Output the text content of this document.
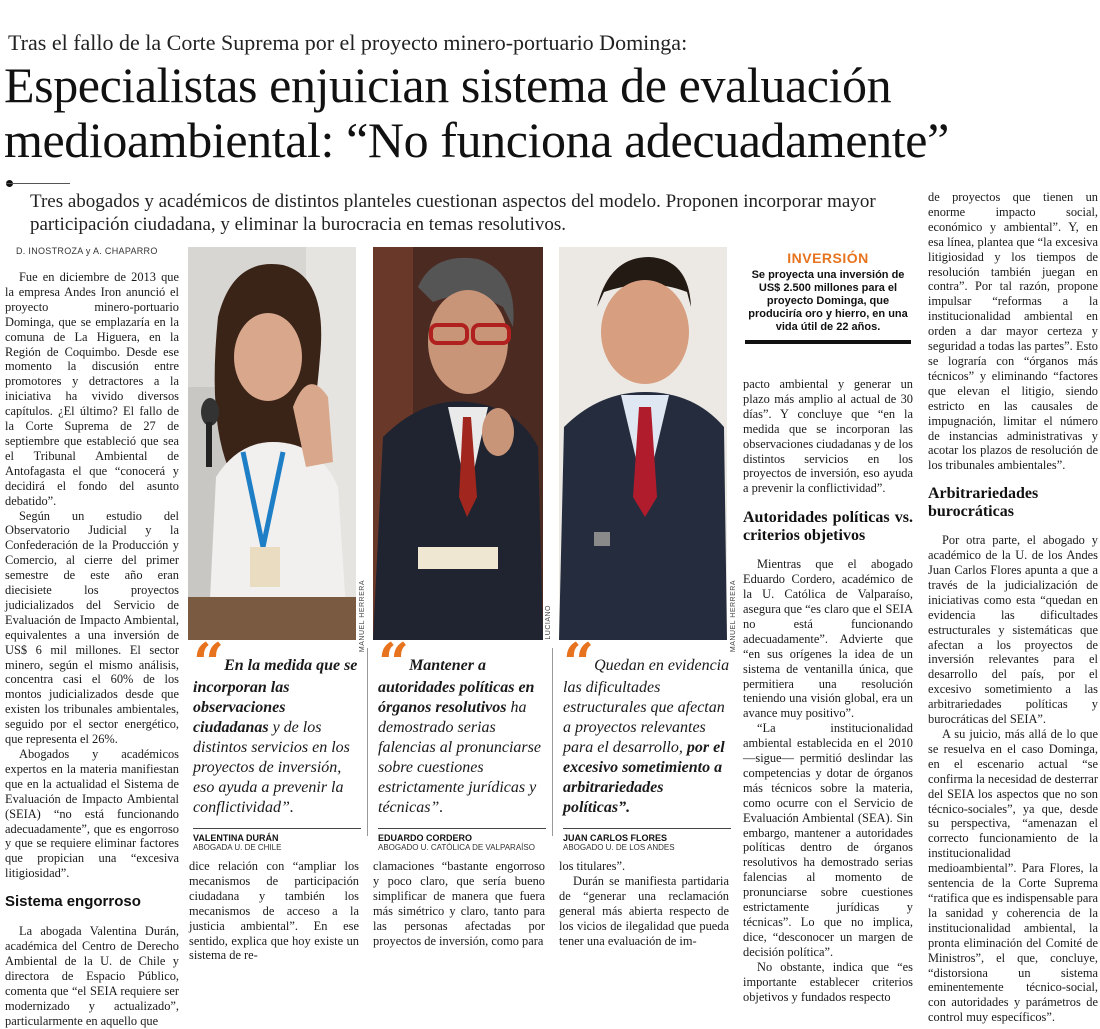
Tras el fallo de la Corte Suprema por el proyecto minero-portuario Dominga:
Especialistas enjuician sistema de evaluación medioambiental: “No funciona adecuadamente”
Tres abogados y académicos de distintos planteles cuestionan aspectos del modelo. Proponen incorporar mayor participación ciudadana, y eliminar la burocracia en temas resolutivos.
D. INOSTROZA y A. CHAPARRO

Fue en diciembre de 2013 que la empresa Andes Iron anunció el proyecto minero-portuario Dominga, que se emplazaría en la comuna de La Higuera, en la Región de Coquimbo. Desde ese momento la discusión entre promotores y detractores a la iniciativa ha vivido diversos capítulos. ¿El último? El fallo de la Corte Suprema de 27 de septiembre que estableció que sea el Tribunal Ambiental de Antofagasta el que “conocerá y decidirá el fondo del asunto debatido”.

Según un estudio del Observatorio Judicial y la Confederación de la Producción y Comercio, al cierre del primer semestre de este año eran diecisiete los proyectos judicializados del Servicio de Evaluación de Impacto Ambiental, equivalentes a una inversión de US$ 6 mil millones. El sector minero, según el mismo análisis, concentra casi el 60% de los montos judicializados desde que existen los tribunales ambientales, seguido por el sector energético, que representa el 26%.

Abogados y académicos expertos en la materia manifiestan que en la actualidad el Sistema de Evaluación de Impacto Ambiental (SEIA) “no está funcionando adecuadamente”, que es engorroso y que se requiere eliminar factores que propician una “excesiva litigiosidad”.

Sistema engorroso

La abogada Valentina Durán, académica del Centro de Derecho Ambiental de la U. de Chile y directora de Espacio Público, comenta que “el SEIA requiere ser modernizado y actualizado”, particularmente en aquello que

MANUEL HERRERA	LUCIANO	MANUEL HERRERA
“ En la medida que se incorporan las observaciones ciudadanas y de los distintos servicios en los proyectos de inversión, eso ayuda a prevenir la conflictividad”.
VALENTINA DURÁN
ABOGADA U. DE CHILE
“ Mantener a autoridades políticas en órganos resolutivos ha demostrado serias falencias al pronunciarse sobre cuestiones estrictamente jurídicas y técnicas”.
EDUARDO CORDERO
ABOGADO U. CATÓLICA DE VALPARAÍSO
“ Quedan en evidencia las dificultades estructurales que afectan a proyectos relevantes para el desarrollo, por el excesivo sometimiento a arbitrariedades políticas”.
JUAN CARLOS FLORES
ABOGADO U. DE LOS ANDES

dice relación con “ampliar los mecanismos de participación ciudadana y también los mecanismos de acceso a la justicia ambiental”. En ese sentido, explica que hoy existe un sistema de re-

clamaciones “bastante engorroso y poco claro, que sería bueno simplificar de manera que fuera más simétrico y claro, tanto para las personas afectadas por proyectos de inversión, como para

los titulares”.

Durán se manifiesta partidaria de “generar una reclamación general más abierta respecto de los vicios de ilegalidad que pueda tener una evaluación de im-

INVERSIÓN
Se proyecta una inversión de US$ 2.500 millones para el proyecto Dominga, que produciría oro y hierro, en una vida útil de 22 años.

pacto ambiental y generar un plazo más amplio al actual de 30 días”. Y concluye que “en la medida que se incorporan las observaciones ciudadanas y de los distintos servicios en los proyectos de inversión, eso ayuda a prevenir la conflictividad”.

Autoridades políticas vs. criterios objetivos

Mientras que el abogado Eduardo Cordero, académico de la U. Católica de Valparaíso, asegura que “es claro que el SEIA no está funcionando adecuadamente”. Advierte que “en sus orígenes la idea de un sistema de ventanilla única, que permitiera una resolución teniendo una visión global, era un avance muy positivo”.

“La institucionalidad ambiental establecida en el 2010 —sigue— permitió deslindar las competencias y dotar de órganos más técnicos sobre la materia, como ocurre con el Servicio de Evaluación Ambiental (SEA). Sin embargo, mantener a autoridades políticas dentro de órganos resolutivos ha demostrado serias falencias al momento de pronunciarse sobre cuestiones estrictamente jurídicas y técnicas”. Lo que no implica, dice, “desconocer un margen de decisión política”.

No obstante, indica que “es importante establecer criterios objetivos y fundados respecto

de proyectos que tienen un enorme impacto social, económico y ambiental”. Y, en esa línea, plantea que “la excesiva litigiosidad y los tiempos de resolución también juegan en contra”. Por tal razón, propone impulsar “reformas a la institucionalidad ambiental en orden a dar mayor certeza y seguridad a todas las partes”. Esto se lograría con “órganos más técnicos” y eliminando “factores que elevan el litigio, siendo estricto en las causales de impugnación, limitar el número de instancias administrativas y acotar los plazos de resolución de los tribunales ambientales”.

Arbitrariedades burocráticas

Por otra parte, el abogado y académico de la U. de los Andes Juan Carlos Flores apunta a que a través de la judicialización de iniciativas como esta “quedan en evidencia las dificultades estructurales y sistemáticas que afectan a los proyectos de inversión relevantes para el desarrollo del país, por el excesivo sometimiento a las arbitrariedades políticas y burocráticas del SEIA”.

A su juicio, más allá de lo que se resuelva en el caso Dominga, en el escenario actual “se confirma la necesidad de desterrar del SEIA los aspectos que no son técnico-sociales”, ya que, desde su perspectiva, “amenazan el correcto funcionamiento de la institucionalidad medioambiental”. Para Flores, la sentencia de la Corte Suprema “ratifica que es indispensable para la sanidad y coherencia de la institucionalidad ambiental, la pronta eliminación del Comité de Ministros”, el que, concluye, “distorsiona un sistema eminentemente técnico-social, con autoridades y parámetros de control muy específicos”.
